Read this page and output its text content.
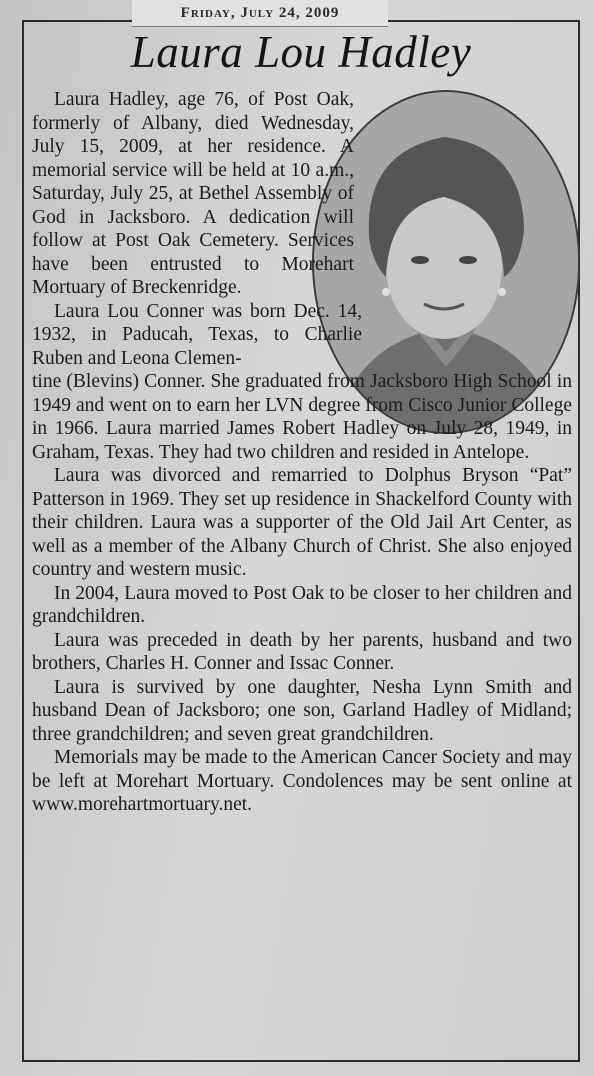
Friday, July 24, 2009
Laura Lou Hadley

Laura Hadley, age 76, of Post Oak, formerly of Albany, died Wednesday, July 15, 2009, at her residence. A memorial service will be held at 10 a.m., Saturday, July 25, at Bethel Assembly of God in Jacksboro. A dedication will follow at Post Oak Cemetery. Services have been entrusted to Morehart Mortuary of Breckenridge.

Laura Lou Conner was born Dec. 14, 1932, in Paducah, Texas, to Charlie Ruben and Leona Clemen-

tine (Blevins) Conner. She graduated from Jacksboro High School in 1949 and went on to earn her LVN degree from Cisco Junior College in 1966. Laura married James Robert Hadley on July 28, 1949, in Graham, Texas. They had two children and resided in Antelope.

Laura was divorced and remarried to Dolphus Bryson “Pat” Patterson in 1969. They set up residence in Shackelford County with their children. Laura was a supporter of the Old Jail Art Center, as well as a member of the Albany Church of Christ. She also enjoyed country and western music.

In 2004, Laura moved to Post Oak to be closer to her children and grandchildren.

Laura was preceded in death by her parents, husband and two brothers, Charles H. Conner and Issac Conner.

Laura is survived by one daughter, Nesha Lynn Smith and husband Dean of Jacksboro; one son, Garland Hadley of Midland; three grandchildren; and seven great grandchildren.

Memorials may be made to the American Cancer Society and may be left at Morehart Mortuary. Condolences may be sent online at www.morehartmortuary.net.
